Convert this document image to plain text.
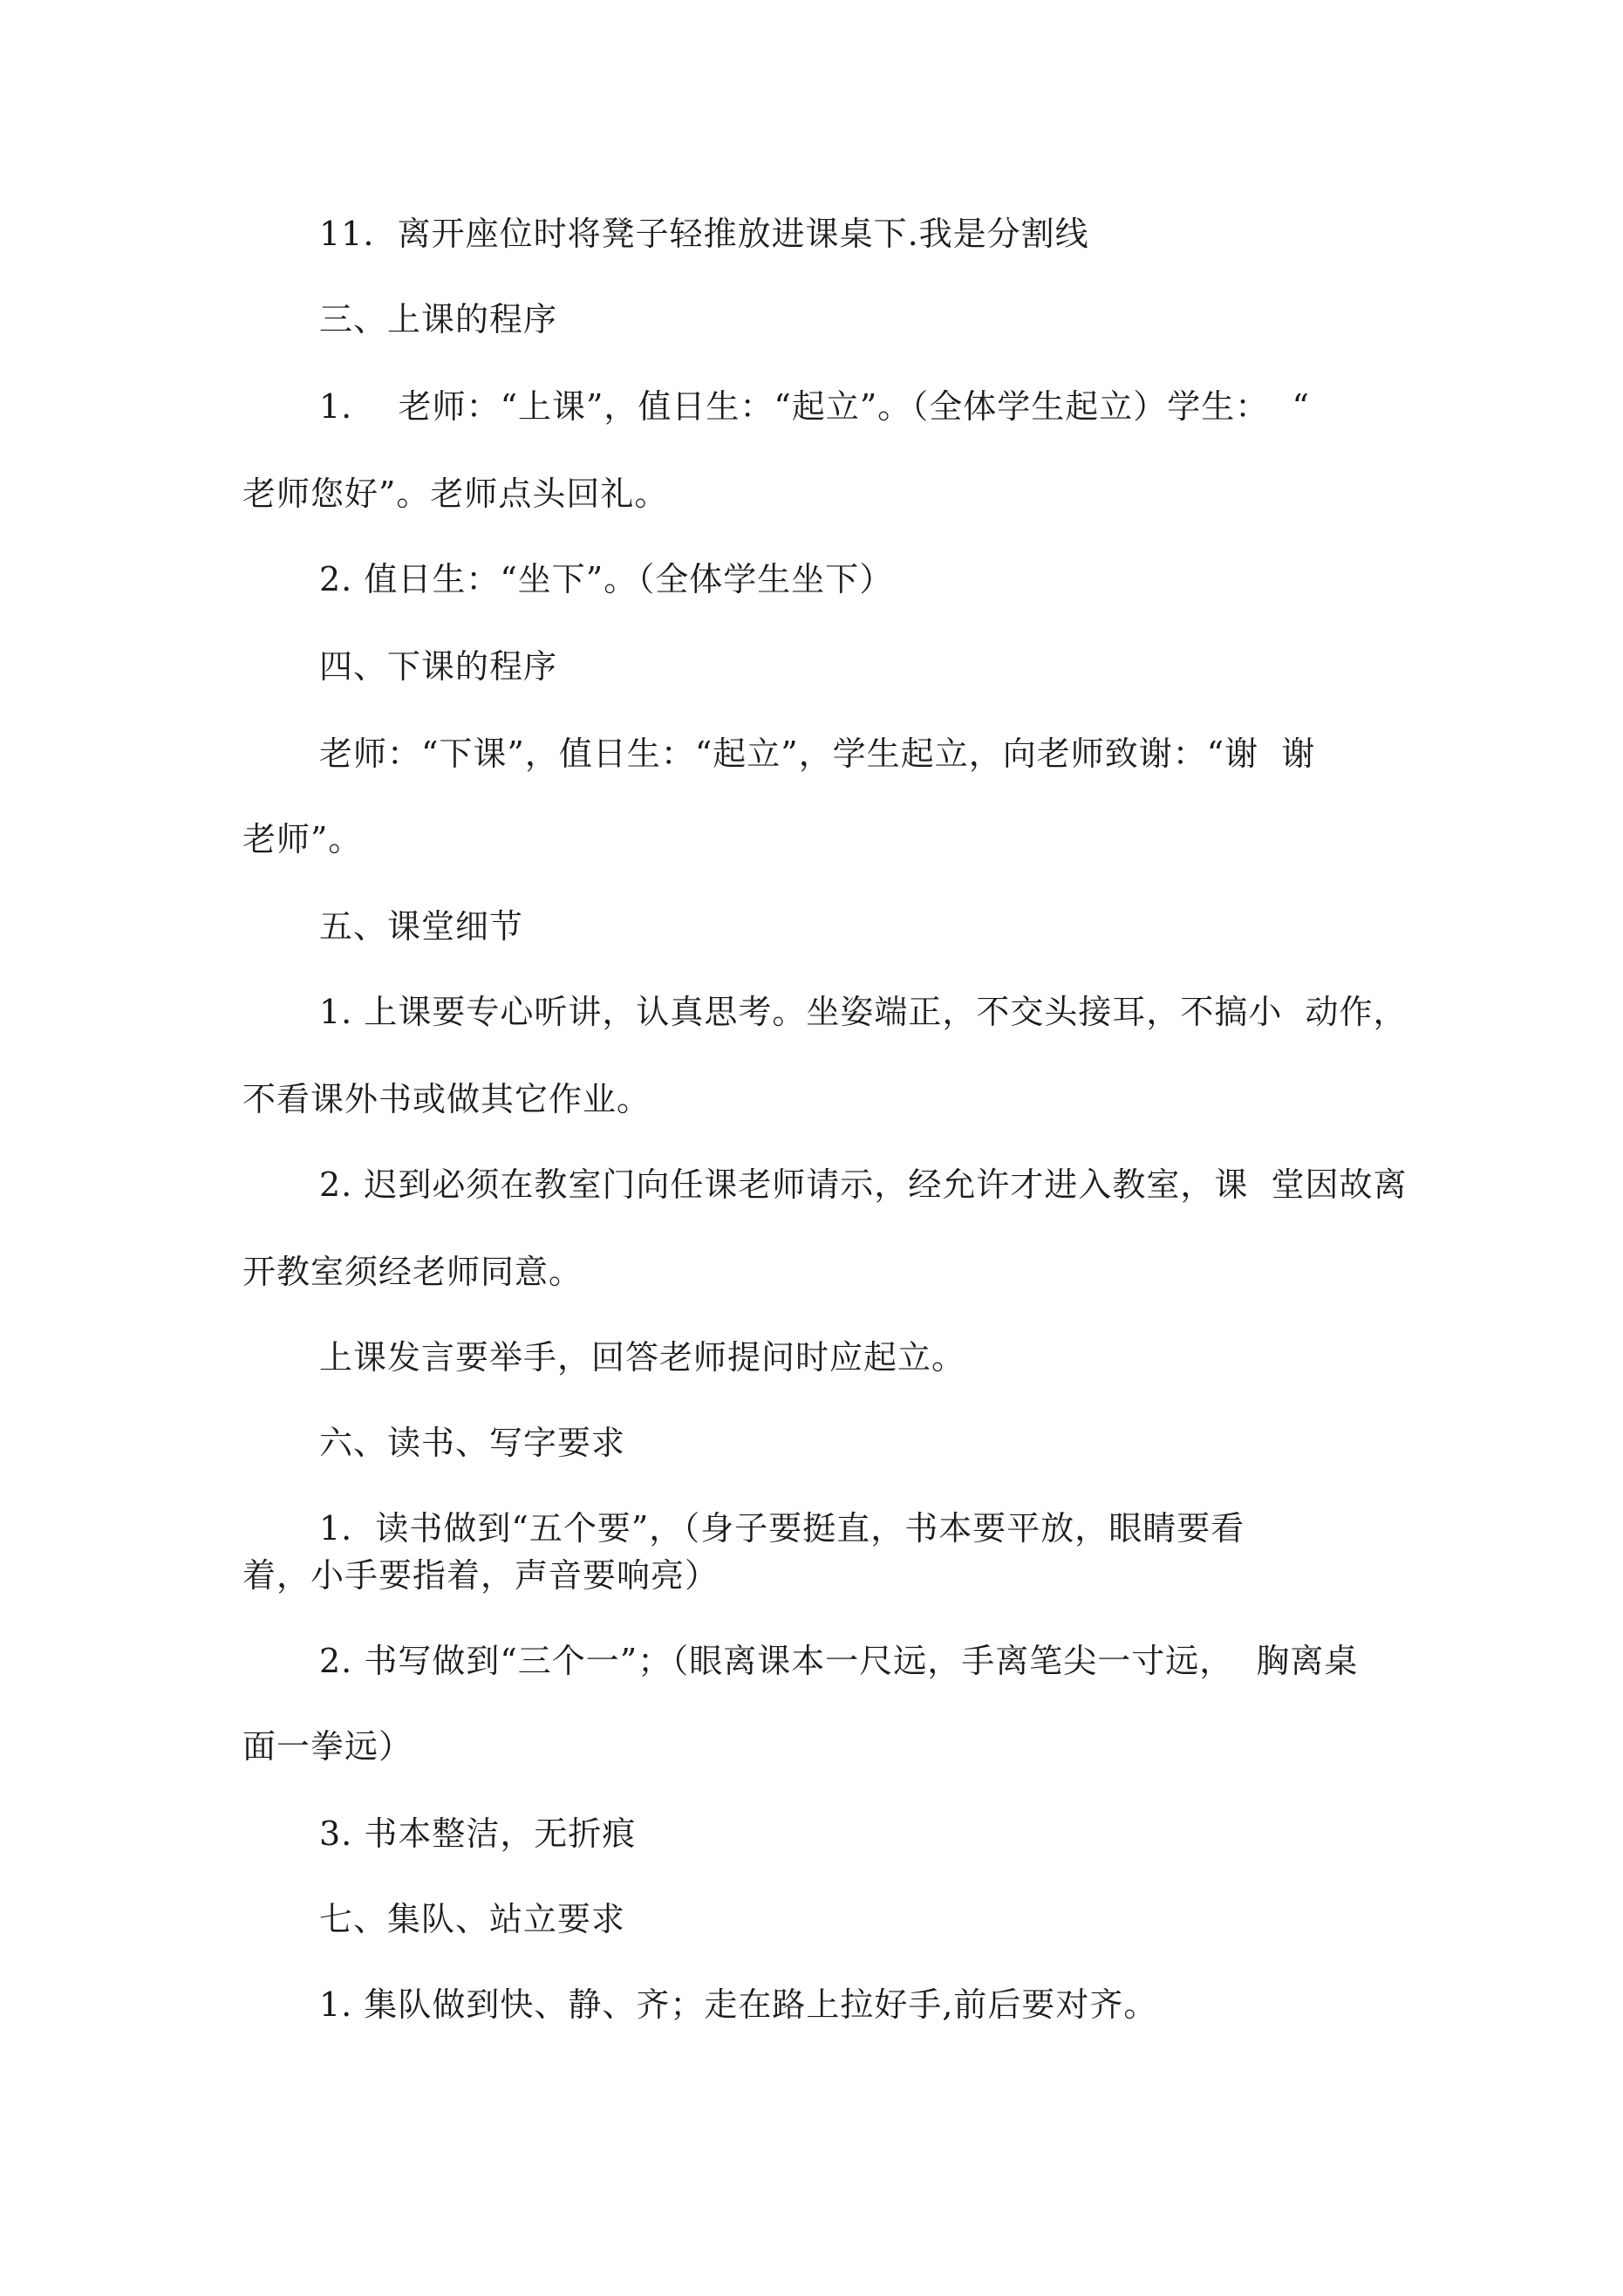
11.  离开座位时将凳子轻推放进课桌下.我是分割线
三、上课的程序
1.    老师：“上课”，值日生：“起立”。（全体学生起立）学生：  “
老师您好”。老师点头回礼。
2. 值日生：“坐下”。（全体学生坐下）
四、下课的程序
老师：“下课”，值日生：“起立”，学生起立，向老师致谢：“谢  谢
老师”。
五、课堂细节
1. 上课要专心听讲，认真思考。坐姿端正，不交头接耳，不搞小  动作，
不看课外书或做其它作业。
2. 迟到必须在教室门向任课老师请示，经允许才进入教室，课  堂因故离
开教室须经老师同意。
上课发言要举手，回答老师提问时应起立。
六、读书、写字要求
1.  读书做到“五个要”，（身子要挺直，书本要平放，眼睛要看
着，小手要指着，声音要响亮）
2. 书写做到“三个一”；（眼离课本一尺远，手离笔尖一寸远，  胸离桌
面一拳远）
3. 书本整洁，无折痕
七、集队、站立要求
1. 集队做到快、静、齐；走在路上拉好手,前后要对齐。
